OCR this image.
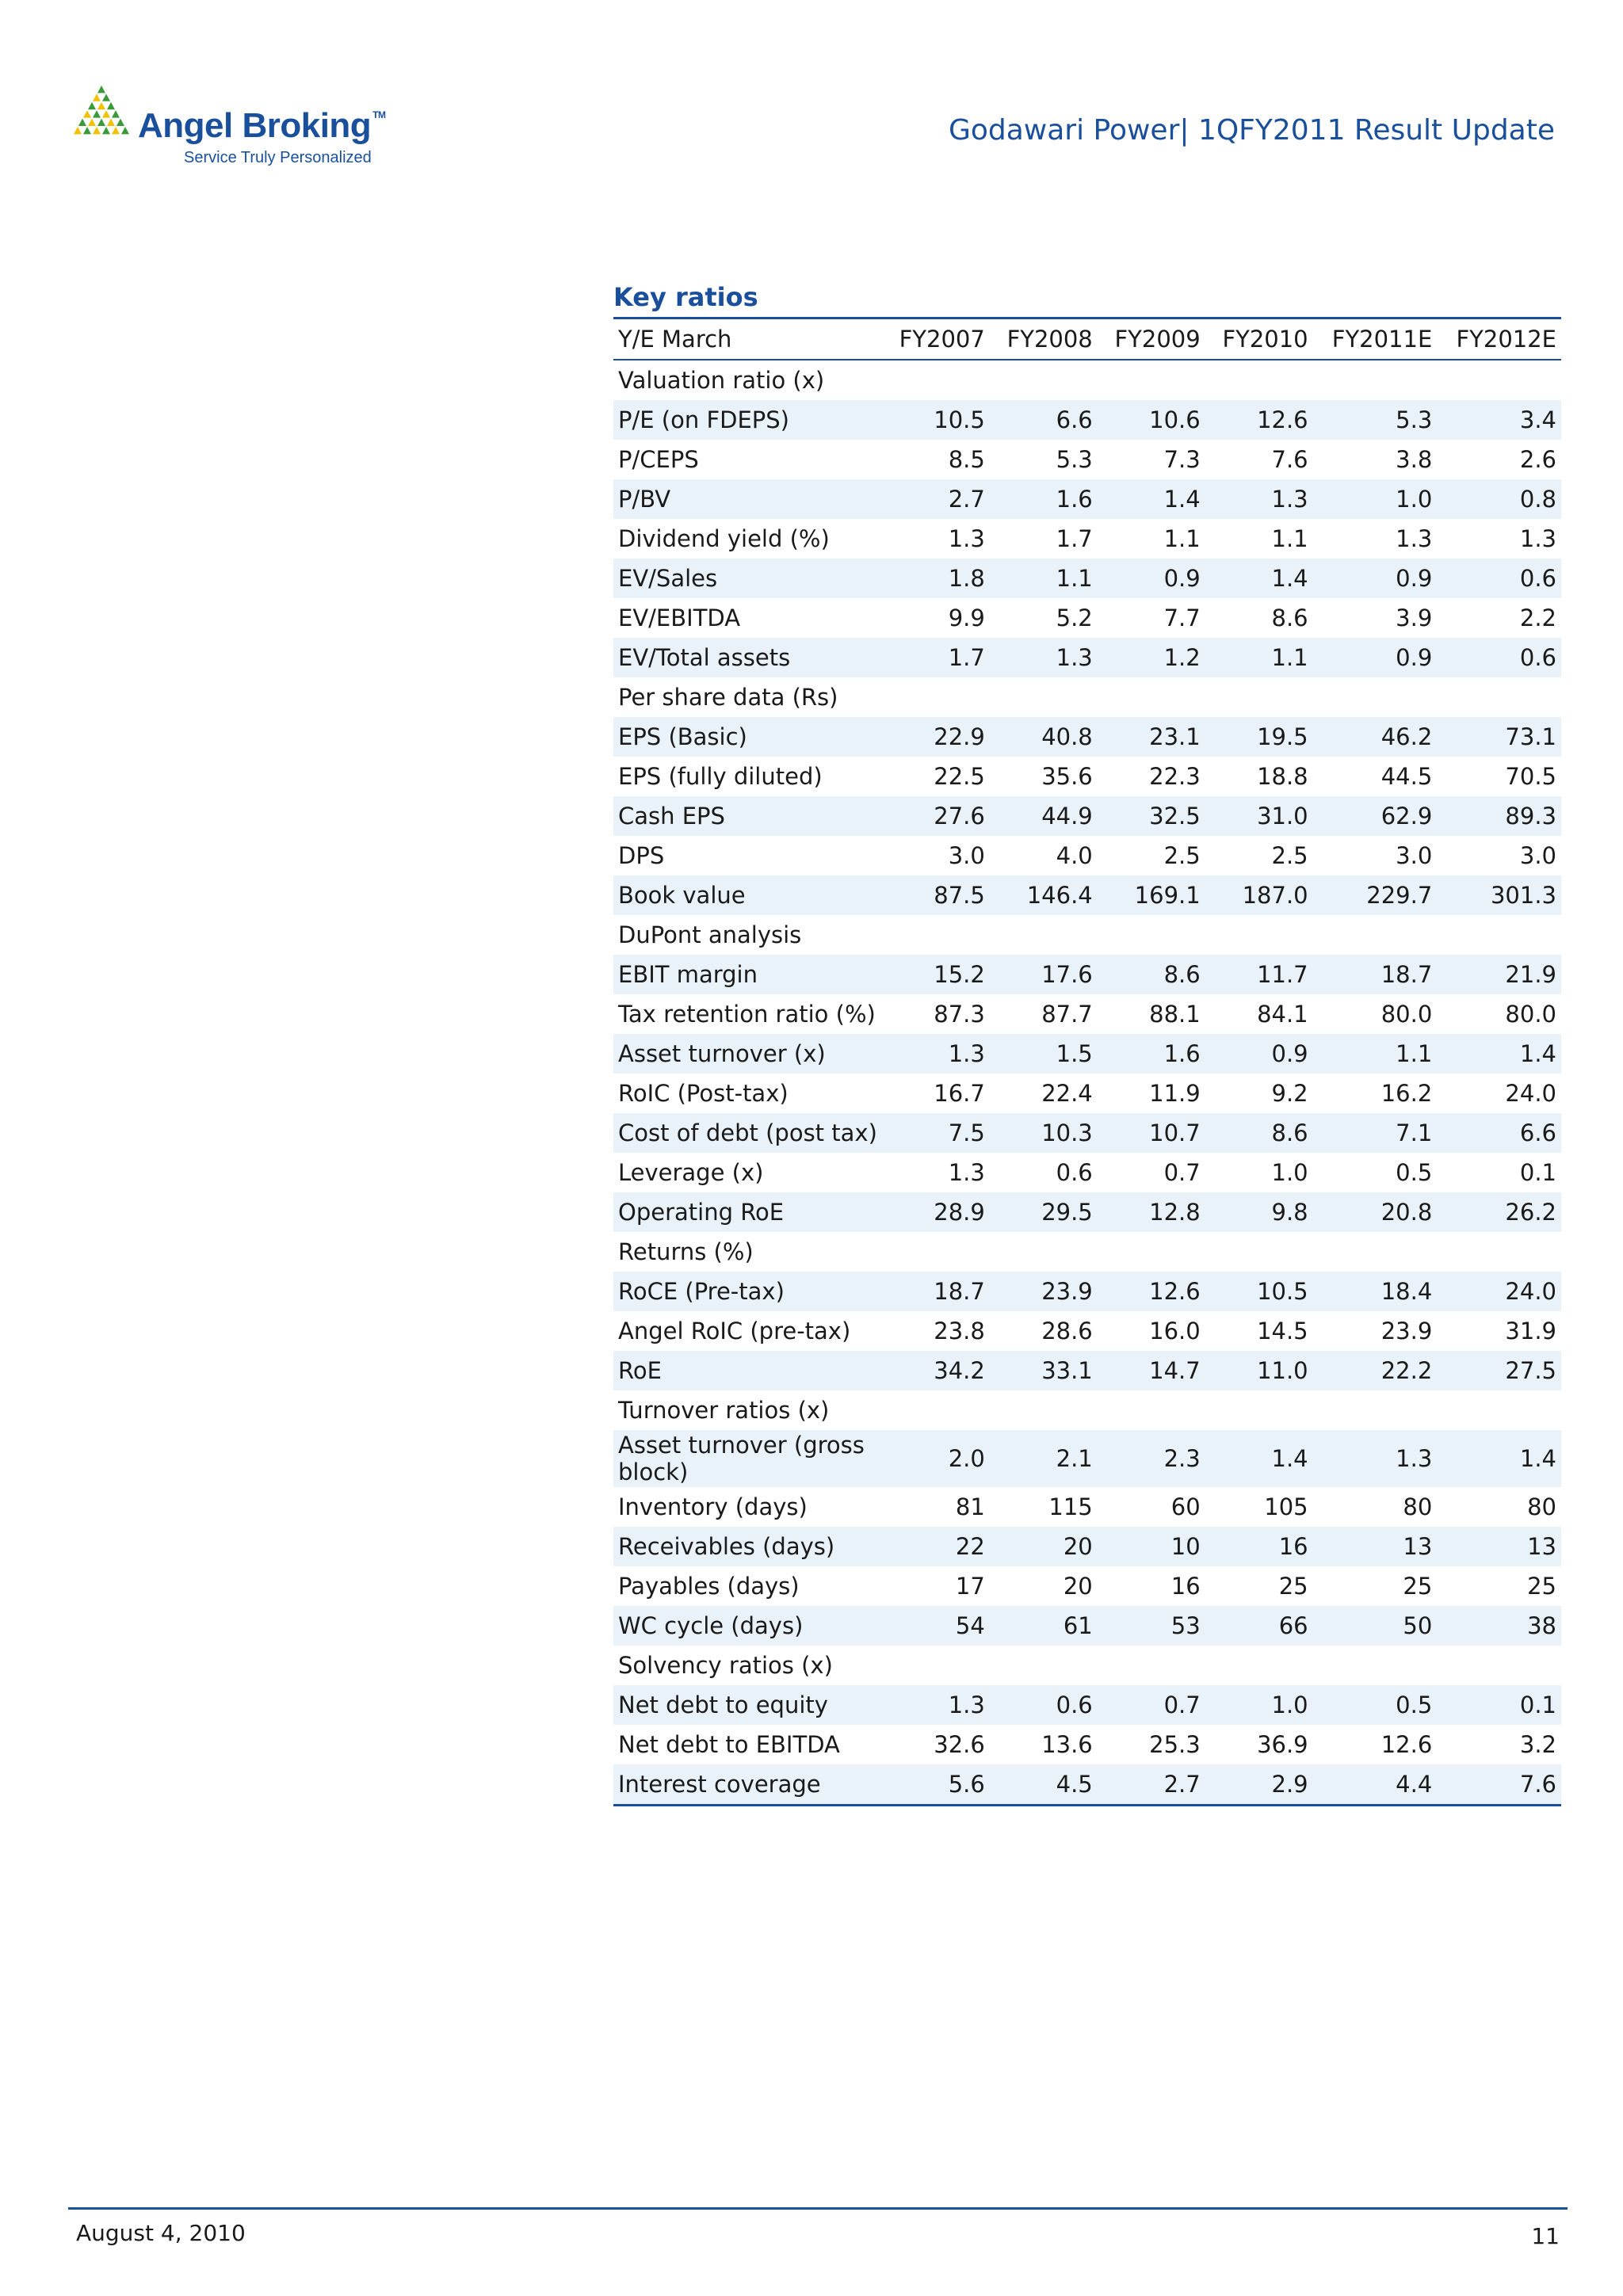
Angel Broking ™
Service Truly Personalized
Godawari Power| 1QFY2011 Result Update
Key ratios
Y/E March	FY2007	FY2008	FY2009	FY2010	FY2011E	FY2012E
Valuation ratio (x)						
P/E (on FDEPS)	10.5	6.6	10.6	12.6	5.3	3.4
P/CEPS	8.5	5.3	7.3	7.6	3.8	2.6
P/BV	2.7	1.6	1.4	1.3	1.0	0.8
Dividend yield (%)	1.3	1.7	1.1	1.1	1.3	1.3
EV/Sales	1.8	1.1	0.9	1.4	0.9	0.6
EV/EBITDA	9.9	5.2	7.7	8.6	3.9	2.2
EV/Total assets	1.7	1.3	1.2	1.1	0.9	0.6
Per share data (Rs)						
EPS (Basic)	22.9	40.8	23.1	19.5	46.2	73.1
EPS (fully diluted)	22.5	35.6	22.3	18.8	44.5	70.5
Cash EPS	27.6	44.9	32.5	31.0	62.9	89.3
DPS	3.0	4.0	2.5	2.5	3.0	3.0
Book value	87.5	146.4	169.1	187.0	229.7	301.3
DuPont analysis						
EBIT margin	15.2	17.6	8.6	11.7	18.7	21.9
Tax retention ratio (%)	87.3	87.7	88.1	84.1	80.0	80.0
Asset turnover (x)	1.3	1.5	1.6	0.9	1.1	1.4
RoIC (Post-tax)	16.7	22.4	11.9	9.2	16.2	24.0
Cost of debt (post tax)	7.5	10.3	10.7	8.6	7.1	6.6
Leverage (x)	1.3	0.6	0.7	1.0	0.5	0.1
Operating RoE	28.9	29.5	12.8	9.8	20.8	26.2
Returns (%)						
RoCE (Pre-tax)	18.7	23.9	12.6	10.5	18.4	24.0
Angel RoIC (pre-tax)	23.8	28.6	16.0	14.5	23.9	31.9
RoE	34.2	33.1	14.7	11.0	22.2	27.5
Turnover ratios (x)						
Asset turnover (gross block)	2.0	2.1	2.3	1.4	1.3	1.4
Inventory (days)	81	115	60	105	80	80
Receivables (days)	22	20	10	16	13	13
Payables (days)	17	20	16	25	25	25
WC cycle (days)	54	61	53	66	50	38
Solvency ratios (x)						
Net debt to equity	1.3	0.6	0.7	1.0	0.5	0.1
Net debt to EBITDA	32.6	13.6	25.3	36.9	12.6	3.2
Interest coverage	5.6	4.5	2.7	2.9	4.4	7.6
August 4, 2010	11
